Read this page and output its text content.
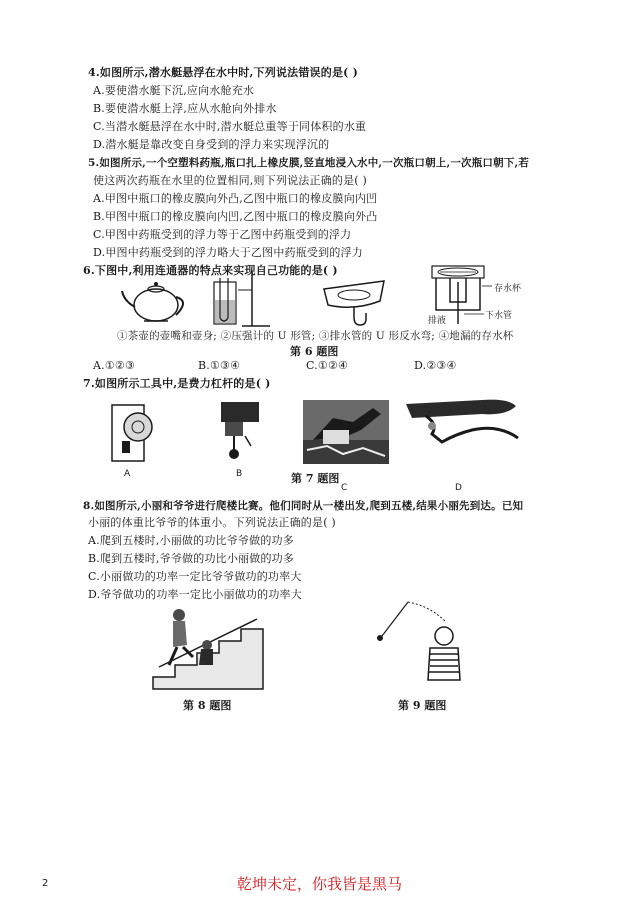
4.如图所示,潜水艇悬浮在水中时,下列说法错误的是( )
A.要使潜水艇下沉,应向水舱充水
B.要使潜水艇上浮,应从水舱向外排水
C.当潜水艇悬浮在水中时,潜水艇总重等于同体积的水重
D.潜水艇是靠改变自身受到的浮力来实现浮沉的
5.如图所示,一个空塑料药瓶,瓶口扎上橡皮膜,竖直地浸入水中,一次瓶口朝上,一次瓶口朝下,若
使这两次药瓶在水里的位置相同,则下列说法正确的是( )
A.甲图中瓶口的橡皮膜向外凸,乙图中瓶口的橡皮膜向内凹
B.甲图中瓶口的橡皮膜向内凹,乙图中瓶口的橡皮膜向外凸
C.甲图中药瓶受到的浮力等于乙图中药瓶受到的浮力
D.甲图中药瓶受到的浮力略大于乙图中药瓶受到的浮力
6.下图中,利用连通器的特点来实现自己功能的是( )
存水杯
下水管
排液
①茶壶的壶嘴和壶身; ②压强计的 U 形管; ③排水管的 U 形反水弯; ④地漏的存水杯
第 6 题图
A.①②③	B.①③④	C.①②④	D.②③④
7.如图所示工具中,是费力杠杆的是( )
A	B
C	D
第 7 题图
8.如图所示,小丽和爷爷进行爬楼比赛。他们同时从一楼出发,爬到五楼,结果小丽先到达。已知
小丽的体重比爷爷的体重小。下列说法正确的是( )
A.爬到五楼时,小丽做的功比爷爷做的功多
B.爬到五楼时,爷爷做的功比小丽做的功多
C.小丽做功的功率一定比爷爷做功的功率大
D.爷爷做功的功率一定比小丽做功的功率大
第 8 题图	第 9 题图
2	乾坤未定，你我皆是黑马
